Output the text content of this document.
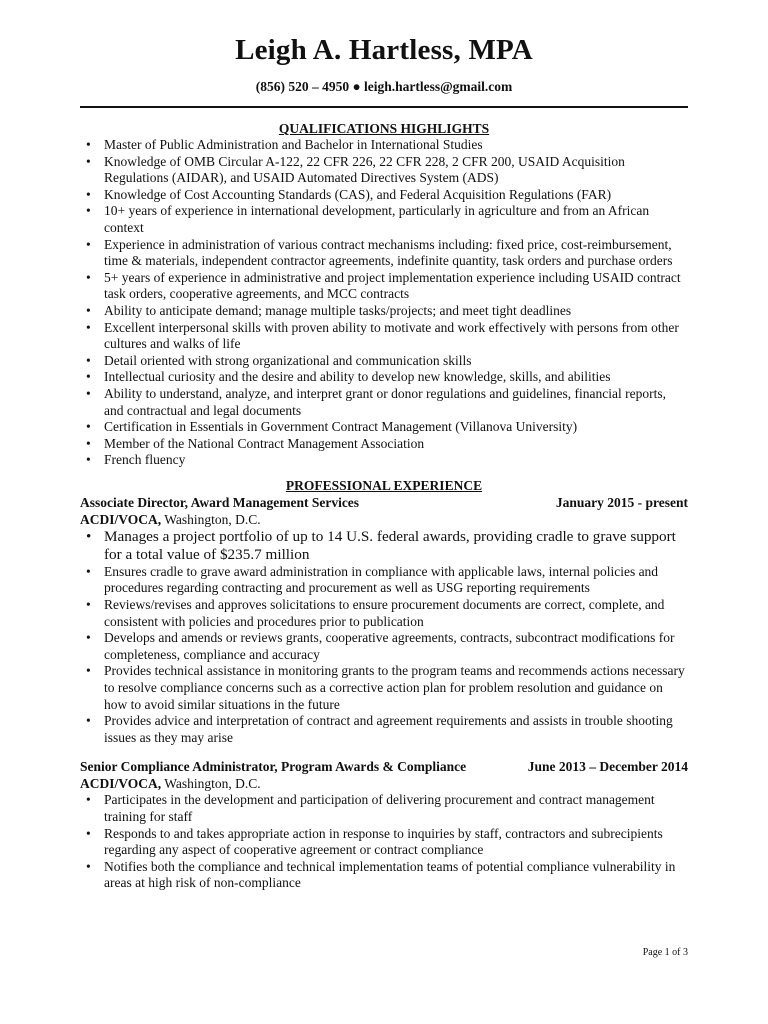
Leigh A. Hartless, MPA
(856) 520 – 4950 ● leigh.hartless@gmail.com
QUALIFICATIONS HIGHLIGHTS
• Master of Public Administration and Bachelor in International Studies
• Knowledge of OMB Circular A-122, 22 CFR 226, 22 CFR 228, 2 CFR 200, USAID Acquisition Regulations (AIDAR), and USAID Automated Directives System (ADS)
• Knowledge of Cost Accounting Standards (CAS), and Federal Acquisition Regulations (FAR)
• 10+ years of experience in international development, particularly in agriculture and from an African context
• Experience in administration of various contract mechanisms including: fixed price, cost-reimbursement, time & materials, independent contractor agreements, indefinite quantity, task orders and purchase orders
• 5+ years of experience in administrative and project implementation experience including USAID contract task orders, cooperative agreements, and MCC contracts
• Ability to anticipate demand; manage multiple tasks/projects; and meet tight deadlines
• Excellent interpersonal skills with proven ability to motivate and work effectively with persons from other cultures and walks of life
• Detail oriented with strong organizational and communication skills
• Intellectual curiosity and the desire and ability to develop new knowledge, skills, and abilities
• Ability to understand, analyze, and interpret grant or donor regulations and guidelines, financial reports, and contractual and legal documents
• Certification in Essentials in Government Contract Management (Villanova University)
• Member of the National Contract Management Association
• French fluency
PROFESSIONAL EXPERIENCE
Associate Director, Award Management Services	January 2015 - present
ACDI/VOCA, Washington, D.C.
• Manages a project portfolio of up to 14 U.S. federal awards, providing cradle to grave support for a total value of $235.7 million
• Ensures cradle to grave award administration in compliance with applicable laws, internal policies and procedures regarding contracting and procurement as well as USG reporting requirements
• Reviews/revises and approves solicitations to ensure procurement documents are correct, complete, and consistent with policies and procedures prior to publication
• Develops and amends or reviews grants, cooperative agreements, contracts, subcontract modifications for completeness, compliance and accuracy
• Provides technical assistance in monitoring grants to the program teams and recommends actions necessary to resolve compliance concerns such as a corrective action plan for problem resolution and guidance on how to avoid similar situations in the future
• Provides advice and interpretation of contract and agreement requirements and assists in trouble shooting issues as they may arise
Senior Compliance Administrator, Program Awards & Compliance	June 2013 – December 2014
ACDI/VOCA, Washington, D.C.
• Participates in the development and participation of delivering procurement and contract management training for staff
• Responds to and takes appropriate action in response to inquiries by staff, contractors and subrecipients regarding any aspect of cooperative agreement or contract compliance
• Notifies both the compliance and technical implementation teams of potential compliance vulnerability in areas at high risk of non-compliance
Page 1 of 3
